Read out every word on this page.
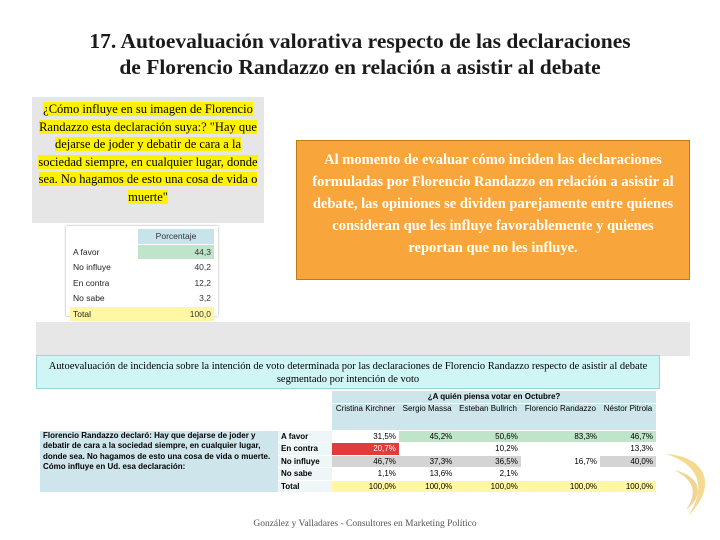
17. Autoevaluación valorativa respecto de las declaraciones
de Florencio Randazzo en relación a asistir al debate
¿Cómo influye en su imagen de Florencio Randazzo esta declaración suya:? "Hay que dejarse de joder y debatir de cara a la sociedad siempre, en cualquier lugar, donde sea. No hagamos de esto una cosa de vida o muerte"
	Porcentaje
A favor	44,3
No influye	40,2
En contra	12,2
No sabe	3,2
Total	100,0
Al momento de evaluar cómo inciden las declaraciones formuladas por Florencio Randazzo en relación a asistir al debate, las opiniones se dividen parejamente entre quienes consideran que les influye favorablemente y quienes reportan que no les influye.
Autoevaluación de incidencia sobre la intención de voto determinada por las declaraciones de Florencio Randazzo respecto de asistir al debate segmentado por intención de voto
		¿A quién piensa votar en Octubre?				
		Cristina Kirchner	Sergio Massa	Esteban Bullrich	Florencio Randazzo	Néstor Pitrola
Florencio Randazzo declaró: Hay que dejarse de joder y debatir de cara a la sociedad siempre, en cualquier lugar, donde sea. No hagamos de esto una cosa de vida o muerte. Cómo influye en Ud. esa declaración:	A favor	31,5%	45,2%	50,6%	83,3%	46,7%
	En contra	20,7%		10,2%		13,3%
	No influye	46,7%	37,3%	36,5%	16,7%	40,0%
	No sabe	1,1%	13,6%	2,1%		
	Total	100,0%	100,0%	100,0%	100,0%	100,0%
González y Valladares - Consultores en Marketing Político
